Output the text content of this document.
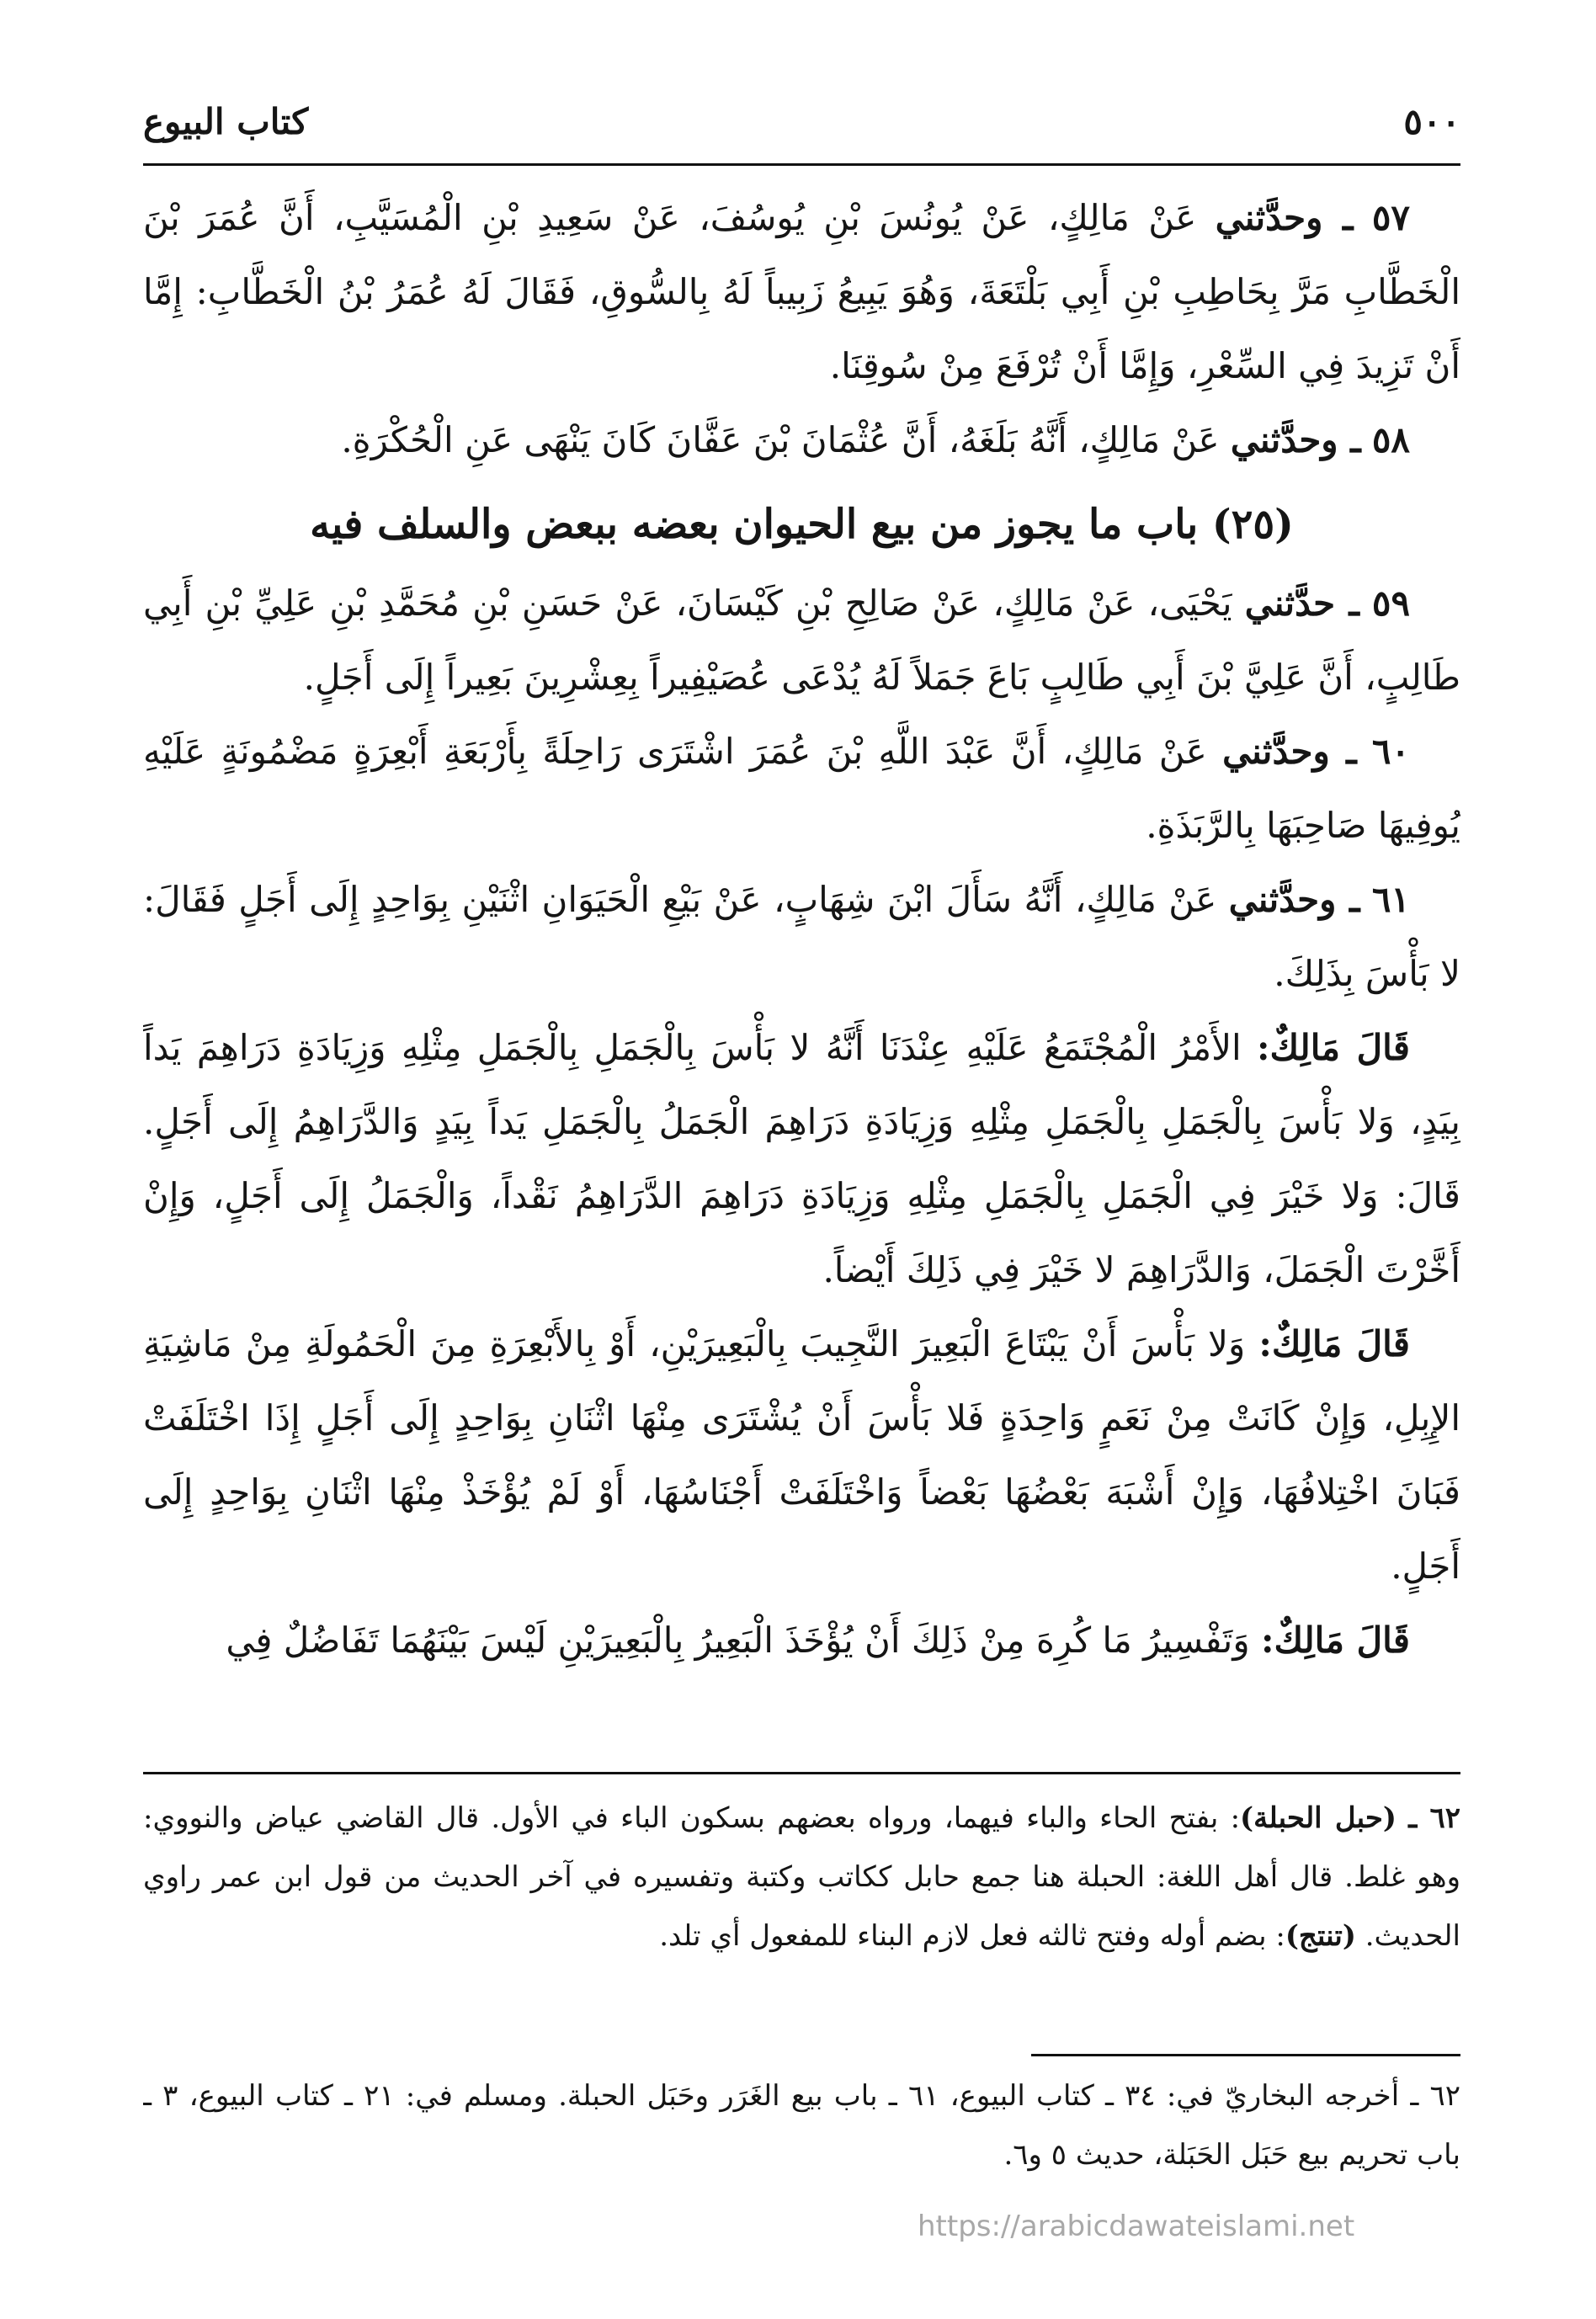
٥٠٠
كتاب البيوع

٥٧ ـ وحدَّثني عَنْ مَالِكٍ، عَنْ يُونُسَ بْنِ يُوسُفَ، عَنْ سَعِيدِ بْنِ الْمُسَيَّبِ، أَنَّ عُمَرَ بْنَ الْخَطَّابِ مَرَّ بِحَاطِبِ بْنِ أَبِي بَلْتَعَةَ، وَهُوَ يَبِيعُ زَبِيباً لَهُ بِالسُّوقِ، فَقَالَ لَهُ عُمَرُ بْنُ الْخَطَّابِ: إِمَّا أَنْ تَزِيدَ فِي السِّعْرِ، وَإِمَّا أَنْ تُرْفَعَ مِنْ سُوقِنَا.

٥٨ ـ وحدَّثني عَنْ مَالِكٍ، أَنَّهُ بَلَغَهُ، أَنَّ عُثْمَانَ بْنَ عَفَّانَ كَانَ يَنْهَى عَنِ الْحُكْرَةِ.

(٢٥) باب ما يجوز من بيع الحيوان بعضه ببعض والسلف فيه

٥٩ ـ حدَّثني يَحْيَى، عَنْ مَالِكٍ، عَنْ صَالِحِ بْنِ كَيْسَانَ، عَنْ حَسَنِ بْنِ مُحَمَّدِ بْنِ عَلِيِّ بْنِ أَبِي طَالِبٍ، أَنَّ عَلِيَّ بْنَ أَبِي طَالِبٍ بَاعَ جَمَلاً لَهُ يُدْعَى عُصَيْفِيراً بِعِشْرِينَ بَعِيراً إِلَى أَجَلٍ.

٦٠ ـ وحدَّثني عَنْ مَالِكٍ، أَنَّ عَبْدَ اللَّهِ بْنَ عُمَرَ اشْتَرَى رَاحِلَةً بِأَرْبَعَةِ أَبْعِرَةٍ مَضْمُونَةٍ عَلَيْهِ يُوفِيهَا صَاحِبَهَا بِالرَّبَذَةِ.

٦١ ـ وحدَّثني عَنْ مَالِكٍ، أَنَّهُ سَأَلَ ابْنَ شِهَابٍ، عَنْ بَيْعِ الْحَيَوَانِ اثْنَيْنِ بِوَاحِدٍ إِلَى أَجَلٍ فَقَالَ: لا بَأْسَ بِذَلِكَ.

قَالَ مَالِكٌ: الأَمْرُ الْمُجْتَمَعُ عَلَيْهِ عِنْدَنَا أَنَّهُ لا بَأْسَ بِالْجَمَلِ بِالْجَمَلِ مِثْلِهِ وَزِيَادَةِ دَرَاهِمَ يَداً بِيَدٍ، وَلا بَأْسَ بِالْجَمَلِ بِالْجَمَلِ مِثْلِهِ وَزِيَادَةِ دَرَاهِمَ الْجَمَلُ بِالْجَمَلِ يَداً بِيَدٍ وَالدَّرَاهِمُ إِلَى أَجَلٍ. قَالَ: وَلا خَيْرَ فِي الْجَمَلِ بِالْجَمَلِ مِثْلِهِ وَزِيَادَةِ دَرَاهِمَ الدَّرَاهِمُ نَقْداً، وَالْجَمَلُ إِلَى أَجَلٍ، وَإِنْ أَخَّرْتَ الْجَمَلَ، وَالدَّرَاهِمَ لا خَيْرَ فِي ذَلِكَ أَيْضاً.

قَالَ مَالِكٌ: وَلا بَأْسَ أَنْ يَبْتَاعَ الْبَعِيرَ النَّجِيبَ بِالْبَعِيرَيْنِ، أَوْ بِالأَبْعِرَةِ مِنَ الْحَمُولَةِ مِنْ مَاشِيَةِ الإِبِلِ، وَإِنْ كَانَتْ مِنْ نَعَمٍ وَاحِدَةٍ فَلا بَأْسَ أَنْ يُشْتَرَى مِنْهَا اثْنَانِ بِوَاحِدٍ إِلَى أَجَلٍ إِذَا اخْتَلَفَتْ فَبَانَ اخْتِلافُهَا، وَإِنْ أَشْبَهَ بَعْضُهَا بَعْضاً وَاخْتَلَفَتْ أَجْنَاسُهَا، أَوْ لَمْ يُؤْخَذْ مِنْهَا اثْنَانِ بِوَاحِدٍ إِلَى أَجَلٍ.

قَالَ مَالِكٌ: وَتَفْسِيرُ مَا كُرِهَ مِنْ ذَلِكَ أَنْ يُؤْخَذَ الْبَعِيرُ بِالْبَعِيرَيْنِ لَيْسَ بَيْنَهُمَا تَفَاضُلٌ فِي

٦٢ ـ (حبل الحبلة): بفتح الحاء والباء فيهما، ورواه بعضهم بسكون الباء في الأول. قال القاضي عياض والنووي: وهو غلط. قال أهل اللغة: الحبلة هنا جمع حابل ككاتب وكتبة وتفسيره في آخر الحديث من قول ابن عمر راوي الحديث. (تنتج): بضم أوله وفتح ثالثه فعل لازم البناء للمفعول أي تلد.

٦٢ ـ أخرجه البخاريّ في: ٣٤ ـ كتاب البيوع، ٦١ ـ باب بيع الغَرَر وحَبَل الحبلة. ومسلم في: ٢١ ـ كتاب البيوع، ٣ ـ باب تحريم بيع حَبَل الحَبَلة، حديث ٥ و٦.

https://arabicdawateislami.net
